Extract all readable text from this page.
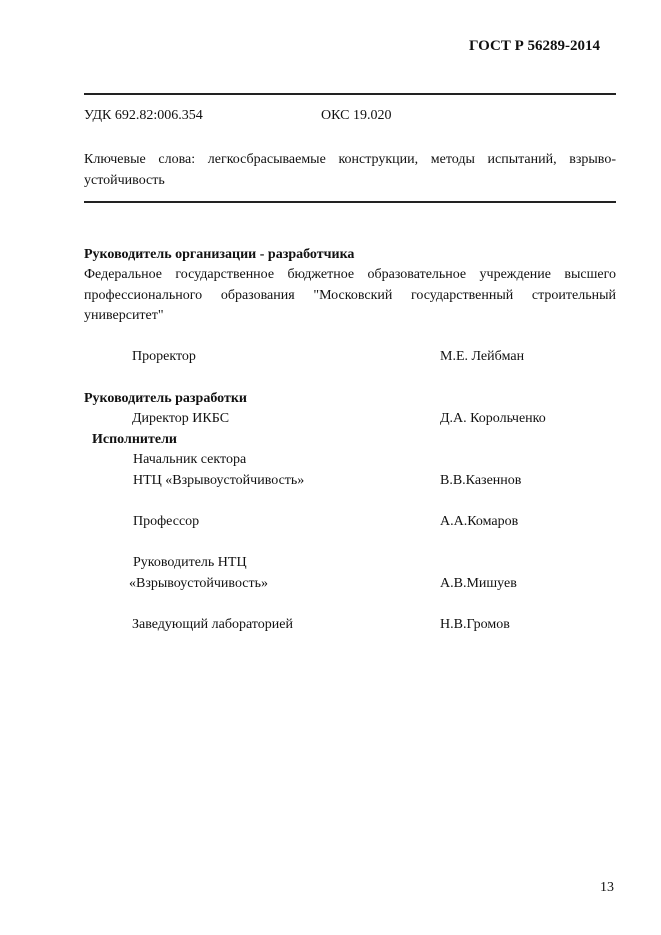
ГОСТ Р 56289-2014
УДК 692.82:006.354	ОКС 19.020
Ключевые слова: легкосбрасываемые конструкции, методы испытаний, взрыво-устойчивость
Руководитель организации - разработчика
Федеральное государственное бюджетное образовательное учреждение высшего профессионального образования "Московский государственный строительный университет"
Проректор	М.Е. Лейбман
Руководитель разработки
Директор ИКБС	Д.А. Корольченко
Исполнители
Начальник сектора
НТЦ «Взрывоустойчивость»	В.В.Казеннов
Профессор	А.А.Комаров
Руководитель НТЦ
«Взрывоустойчивость»	А.В.Мишуев
Заведующий лабораторией	Н.В.Громов
13
